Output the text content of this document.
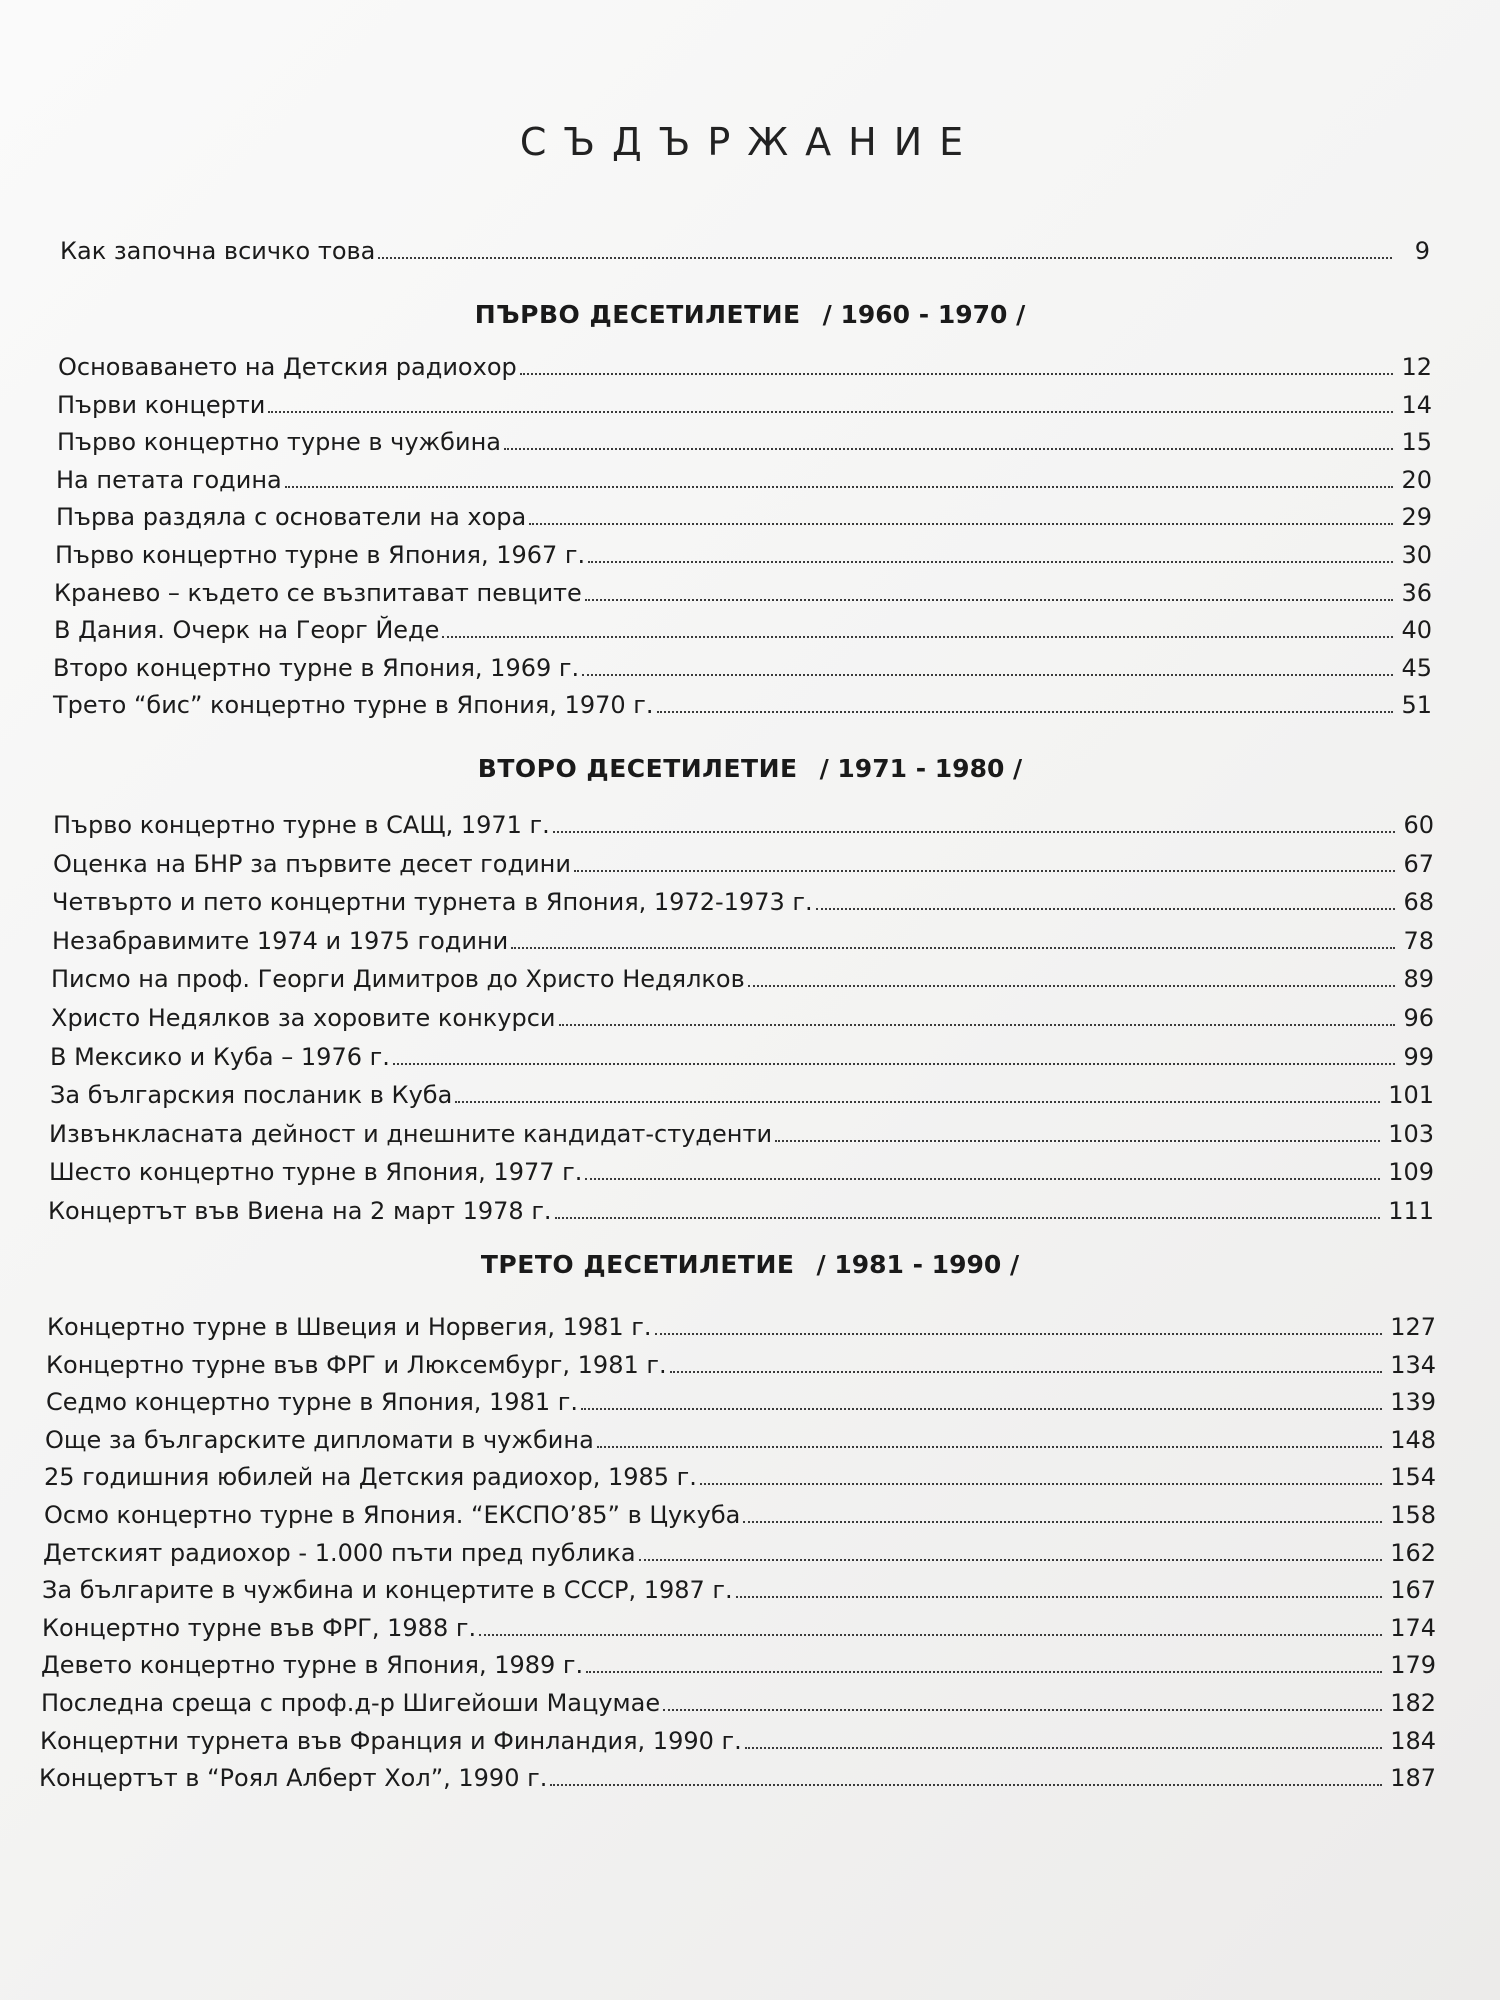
СЪДЪРЖАНИЕ
Как започна всичко това	9
ПЪРВО ДЕСЕТИЛЕТИЕ / 1960 - 1970 /
Основаването на Детския радиохор	12
Първи концерти	14
Първо концертно турне в чужбина	15
На петата година	20
Първа раздяла с основатели на хора	29
Първо концертно турне в Япония, 1967 г.	30
Кранево – където се възпитават певците	36
В Дания. Очерк на Георг Йеде	40
Второ концертно турне в Япония, 1969 г.	45
Трето “бис” концертно турне в Япония, 1970 г.	51
ВТОРО ДЕСЕТИЛЕТИЕ / 1971 - 1980 /
Първо концертно турне в САЩ, 1971 г.	60
Оценка на БНР за първите десет години	67
Четвърто и пето концертни турнета в Япония, 1972-1973 г.	68
Незабравимите 1974 и 1975 години	78
Писмо на проф. Георги Димитров до Христо Недялков	89
Христо Недялков за хоровите конкурси	96
В Мексико и Куба – 1976 г.	99
За българския посланик в Куба	101
Извънкласната дейност и днешните кандидат-студенти	103
Шесто концертно турне в Япония, 1977 г.	109
Концертът във Виена на 2 март 1978 г.	111
ТРЕТО ДЕСЕТИЛЕТИЕ / 1981 - 1990 /
Концертно турне в Швеция и Норвегия, 1981 г.	127
Концертно турне във ФРГ и Люксембург, 1981 г.	134
Седмо концертно турне в Япония, 1981 г.	139
Още за българските дипломати в чужбина	148
25 годишния юбилей на Детския радиохор, 1985 г.	154
Осмо концертно турне в Япония. “ЕКСПО’85” в Цукуба	158
Детският радиохор - 1.000 пъти пред публика	162
За българите в чужбина и концертите в СССР, 1987 г.	167
Концертно турне във ФРГ, 1988 г.	174
Девето концертно турне в Япония, 1989 г.	179
Последна среща с проф.д-р Шигейоши Мацумае	182
Концертни турнета във Франция и Финландия, 1990 г.	184
Концертът в “Роял Алберт Хол”, 1990 г.	187
